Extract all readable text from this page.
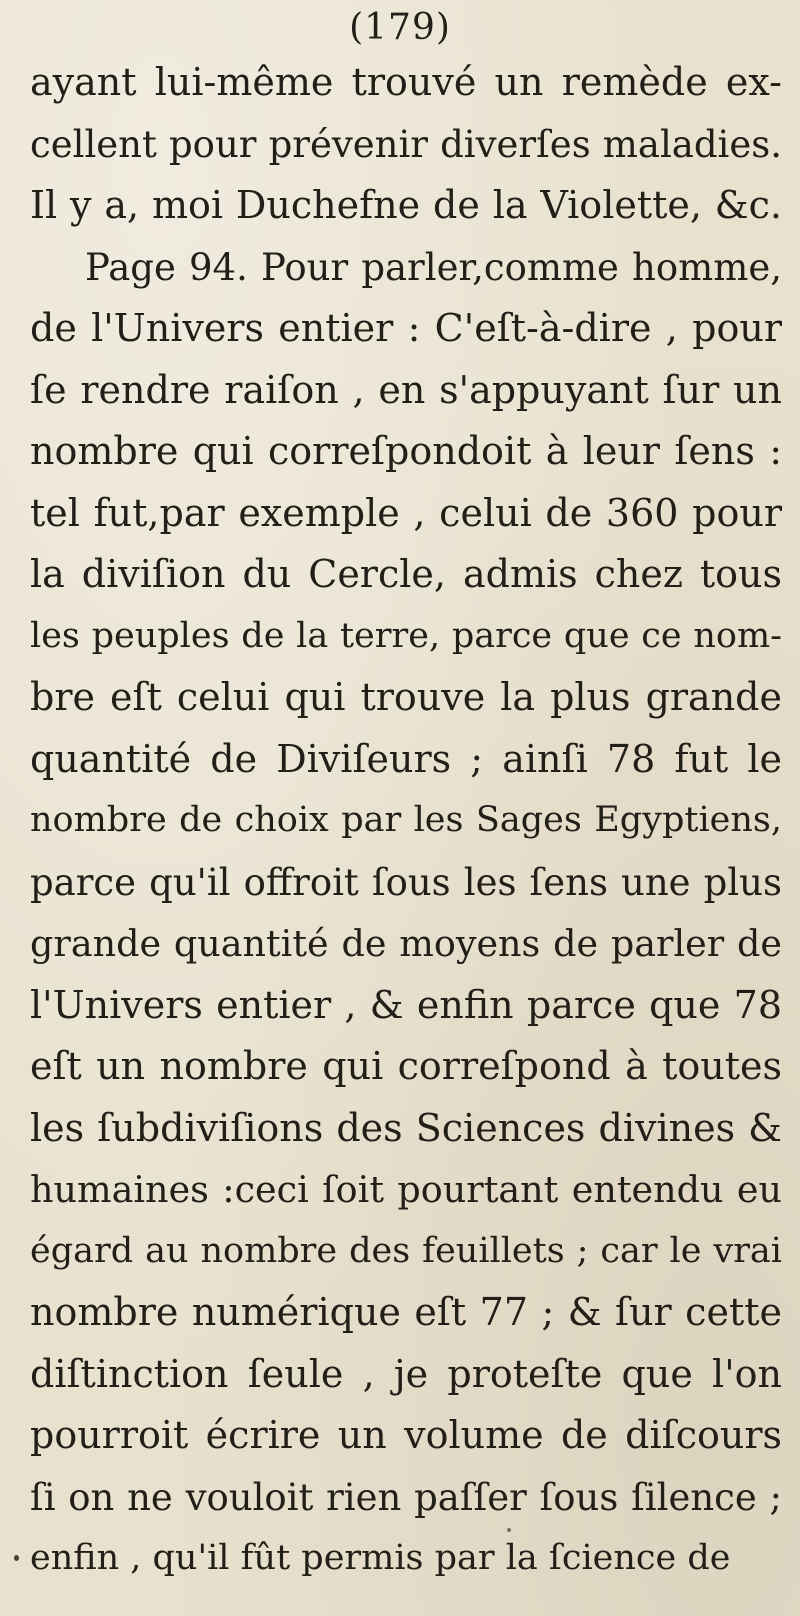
(179)
ayant lui-même trouvé un remède ex-
cellent pour prévenir diverſes maladies.
Il y a, moi Duchefne de la Violette, &c.
Page 94. Pour parler,comme homme,
de l'Univers entier : C'eſt-à-dire , pour
ſe rendre raiſon , en s'appuyant ſur un
nombre qui correſpondoit à leur ſens :
tel fut,par exemple , celui de 360 pour
la diviſion du Cercle, admis chez tous
les peuples de la terre, parce que ce nom-
bre eſt celui qui trouve la plus grande
quantité de Diviſeurs ; ainſi 78 fut le
nombre de choix par les Sages Egyptiens,
parce qu'il offroit ſous les ſens une plus
grande quantité de moyens de parler de
l'Univers entier , & enfin parce que 78
eſt un nombre qui correſpond à toutes
les ſubdiviſions des Sciences divines &
humaines :ceci ſoit pourtant entendu eu
égard au nombre des feuillets ; car le vrai
nombre numérique eſt 77 ; & ſur cette
diſtinction ſeule , je proteſte que l'on
pourroit écrire un volume de diſcours
ſi on ne vouloit rien paſſer ſous ſilence ;
enfin , qu'il fût permis par la ſcience de
